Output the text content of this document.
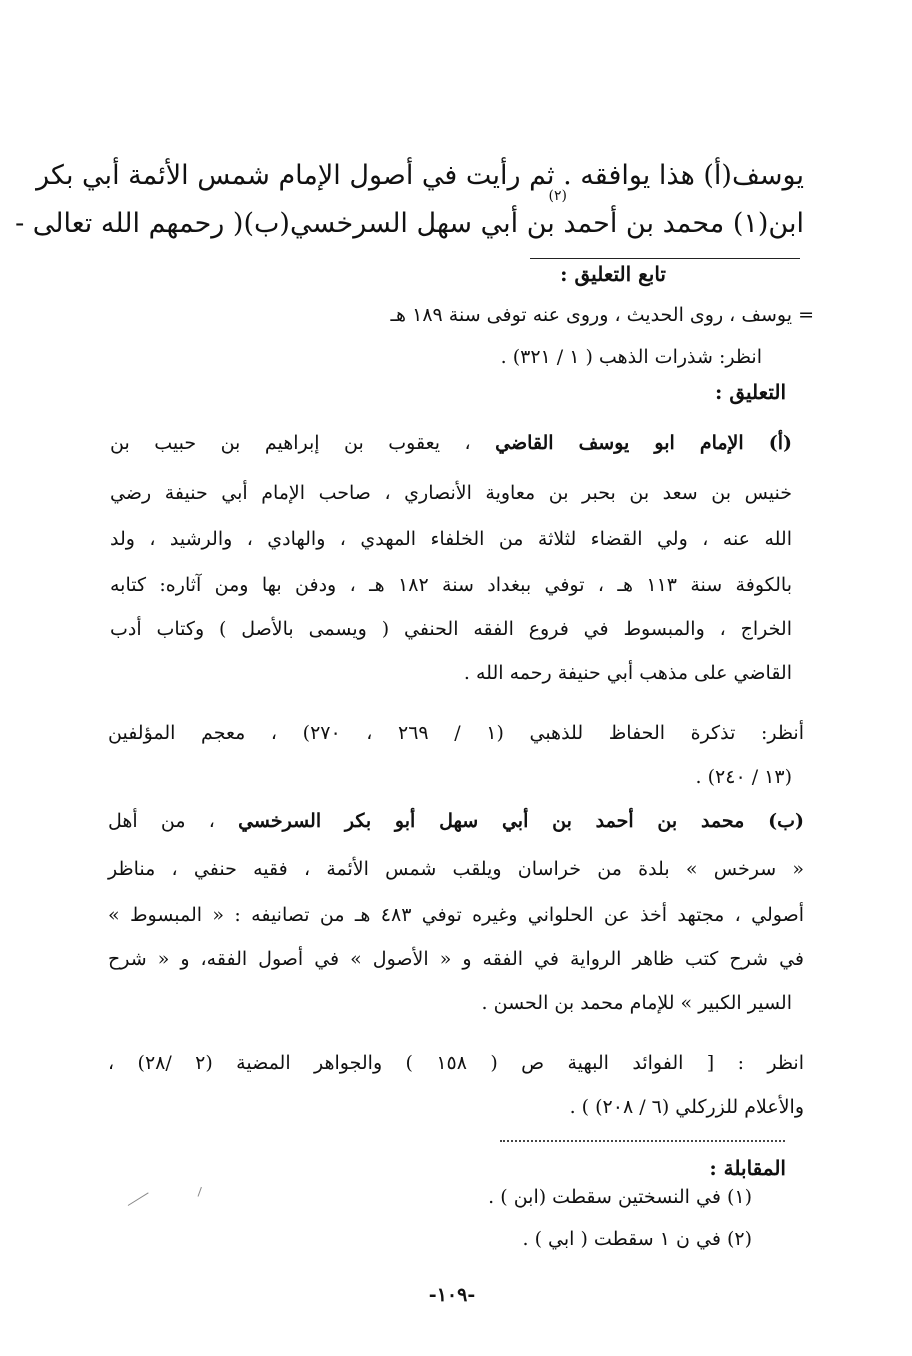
(٢)
يوسف(أ) هذا يوافقه . ثم رأيت في أصول الإمام شمس الأئمة أبي بكر
ابن(١) محمد بن أحمد بن أبي سهل السرخسي(ب)( رحمهم الله تعالى -
تابع التعليق :
= يوسف ، روى الحديث ، وروى عنه توفى سنة ١٨٩ هـ
انظر: شذرات الذهب ( ١ / ٣٢١) .
التعليق :
(أ) الإمام ابو يوسف القاضي ، يعقوب بن إبراهيم بن حبيب بن
خنيس بن سعد بن بحبر بن معاوية الأنصاري ، صاحب الإمام أبي حنيفة رضي
الله عنه ، ولي القضاء لثلاثة من الخلفاء المهدي ، والهادي ، والرشيد ، ولد
بالكوفة سنة ١١٣ هـ ، توفي ببغداد سنة ١٨٢ هـ ، ودفن بها ومن آثاره: كتابه
الخراج ، والمبسوط في فروع الفقه الحنفي ( ويسمى بالأصل ) وكتاب أدب
القاضي على مذهب أبي حنيفة رحمه الله .
أنظر: تذكرة الحفاظ للذهبي (١ / ٢٦٩ ، ٢٧٠) ، معجم المؤلفين
(١٣ / ٢٤٠) .
(ب) محمد بن أحمد بن أبي سهل أبو بكر السرخسي ، من أهل
« سرخس » بلدة من خراسان ويلقب شمس الأئمة ، فقيه حنفي ، مناظر
أصولي ، مجتهد أخذ عن الحلواني وغيره توفي ٤٨٣ هـ من تصانيفه : « المبسوط »
في شرح كتب ظاهر الرواية في الفقه و « الأصول » في أصول الفقه، و « شرح
السير الكبير » للإمام محمد بن الحسن .
انظر : [ الفوائد البهية ص ( ١٥٨ ) والجواهر المضية (٢ /٢٨) ،
والأعلام للزركلي (٦ / ٢٠٨) ) .
المقابلة :
(١) في النسختين سقطت (ابن ) .
(٢) في ن ١ سقطت ( ابي ) .
-١٠٩-
